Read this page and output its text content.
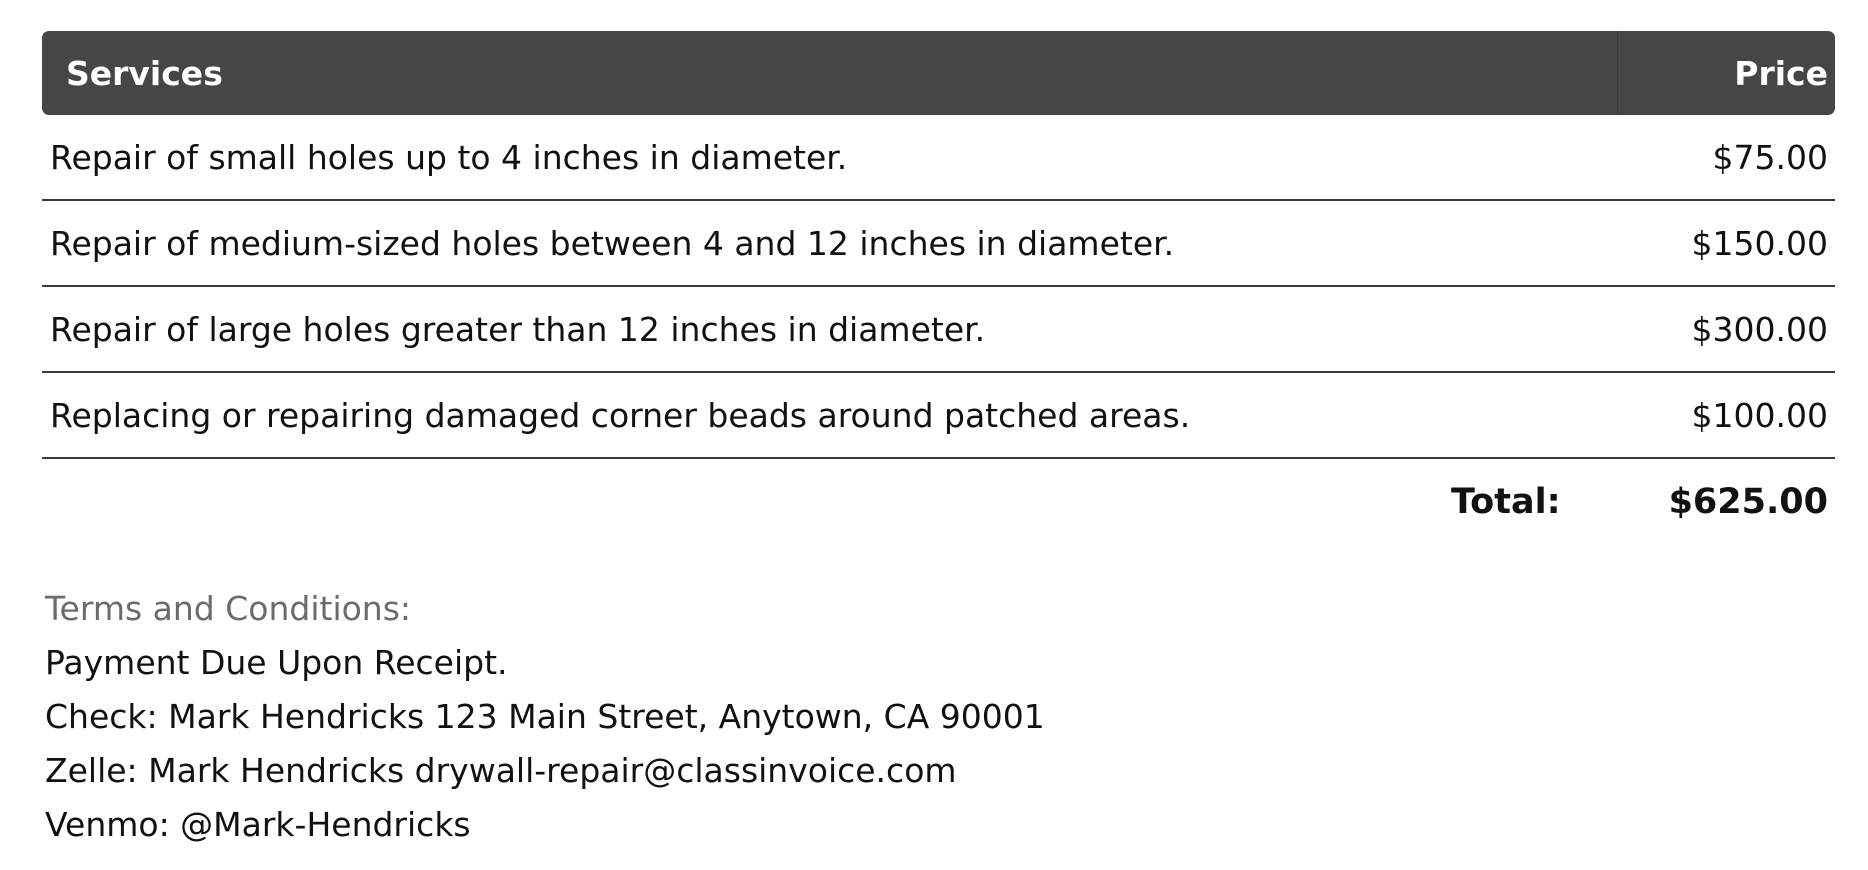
Services	Price
Repair of small holes up to 4 inches in diameter.	$75.00
Repair of medium-sized holes between 4 and 12 inches in diameter.	$150.00
Repair of large holes greater than 12 inches in diameter.	$300.00
Replacing or repairing damaged corner beads around patched areas.	$100.00
Total:	$625.00
Terms and Conditions:
Payment Due Upon Receipt.
Check: Mark Hendricks 123 Main Street, Anytown, CA 90001
Zelle: Mark Hendricks drywall-repair@classinvoice.com
Venmo: @Mark-Hendricks
